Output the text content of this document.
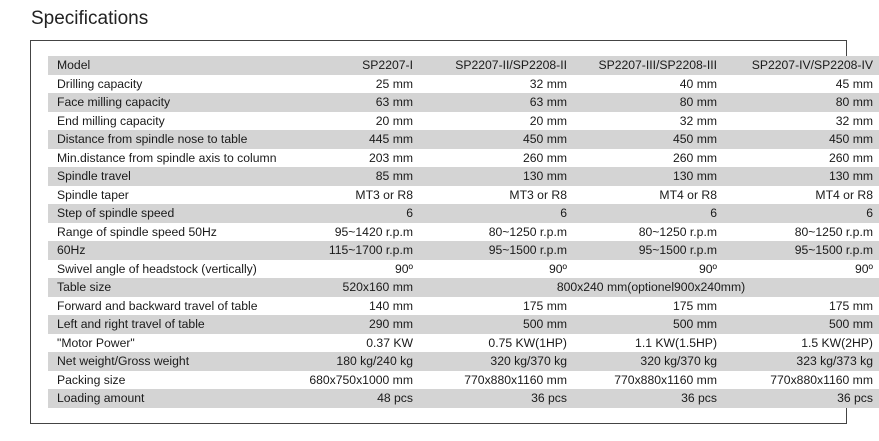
Specifications
Model	SP2207-I	SP2207-II/SP2208-II	SP2207-III/SP2208-III	SP2207-IV/SP2208-IV
Drilling capacity	25 mm	32 mm	40 mm	45 mm
Face milling capacity	63 mm	63 mm	80 mm	80 mm
End milling capacity	20 mm	20 mm	32 mm	32 mm
Distance from spindle nose to table	445 mm	450 mm	450 mm	450 mm
Min.distance from spindle axis to column	203 mm	260 mm	260 mm	260 mm
Spindle travel	85 mm	130 mm	130 mm	130 mm
Spindle taper	MT3 or R8	MT3 or R8	MT4 or R8	MT4 or R8
Step of spindle speed	6	6	6	6
Range of spindle speed 50Hz	95~1420 r.p.m	80~1250 r.p.m	80~1250 r.p.m	80~1250 r.p.m
60Hz	115~1700 r.p.m	95~1500 r.p.m	95~1500 r.p.m	95~1500 r.p.m
Swivel angle of headstock (vertically)	90º	90º	90º	90º
Table size	520x160 mm	800x240 mm(optionel900x240mm)		
Forward and backward travel of table	140 mm	175 mm	175 mm	175 mm
Left and right travel of table	290 mm	500 mm	500 mm	500 mm
"Motor Power"	0.37 KW	0.75 KW(1HP)	1.1 KW(1.5HP)	1.5 KW(2HP)
Net weight/Gross weight	180 kg/240 kg	320 kg/370 kg	320 kg/370 kg	323 kg/373 kg
Packing size	680x750x1000 mm	770x880x1160 mm	770x880x1160 mm	770x880x1160 mm
Loading amount	48 pcs	36 pcs	36 pcs	36 pcs
